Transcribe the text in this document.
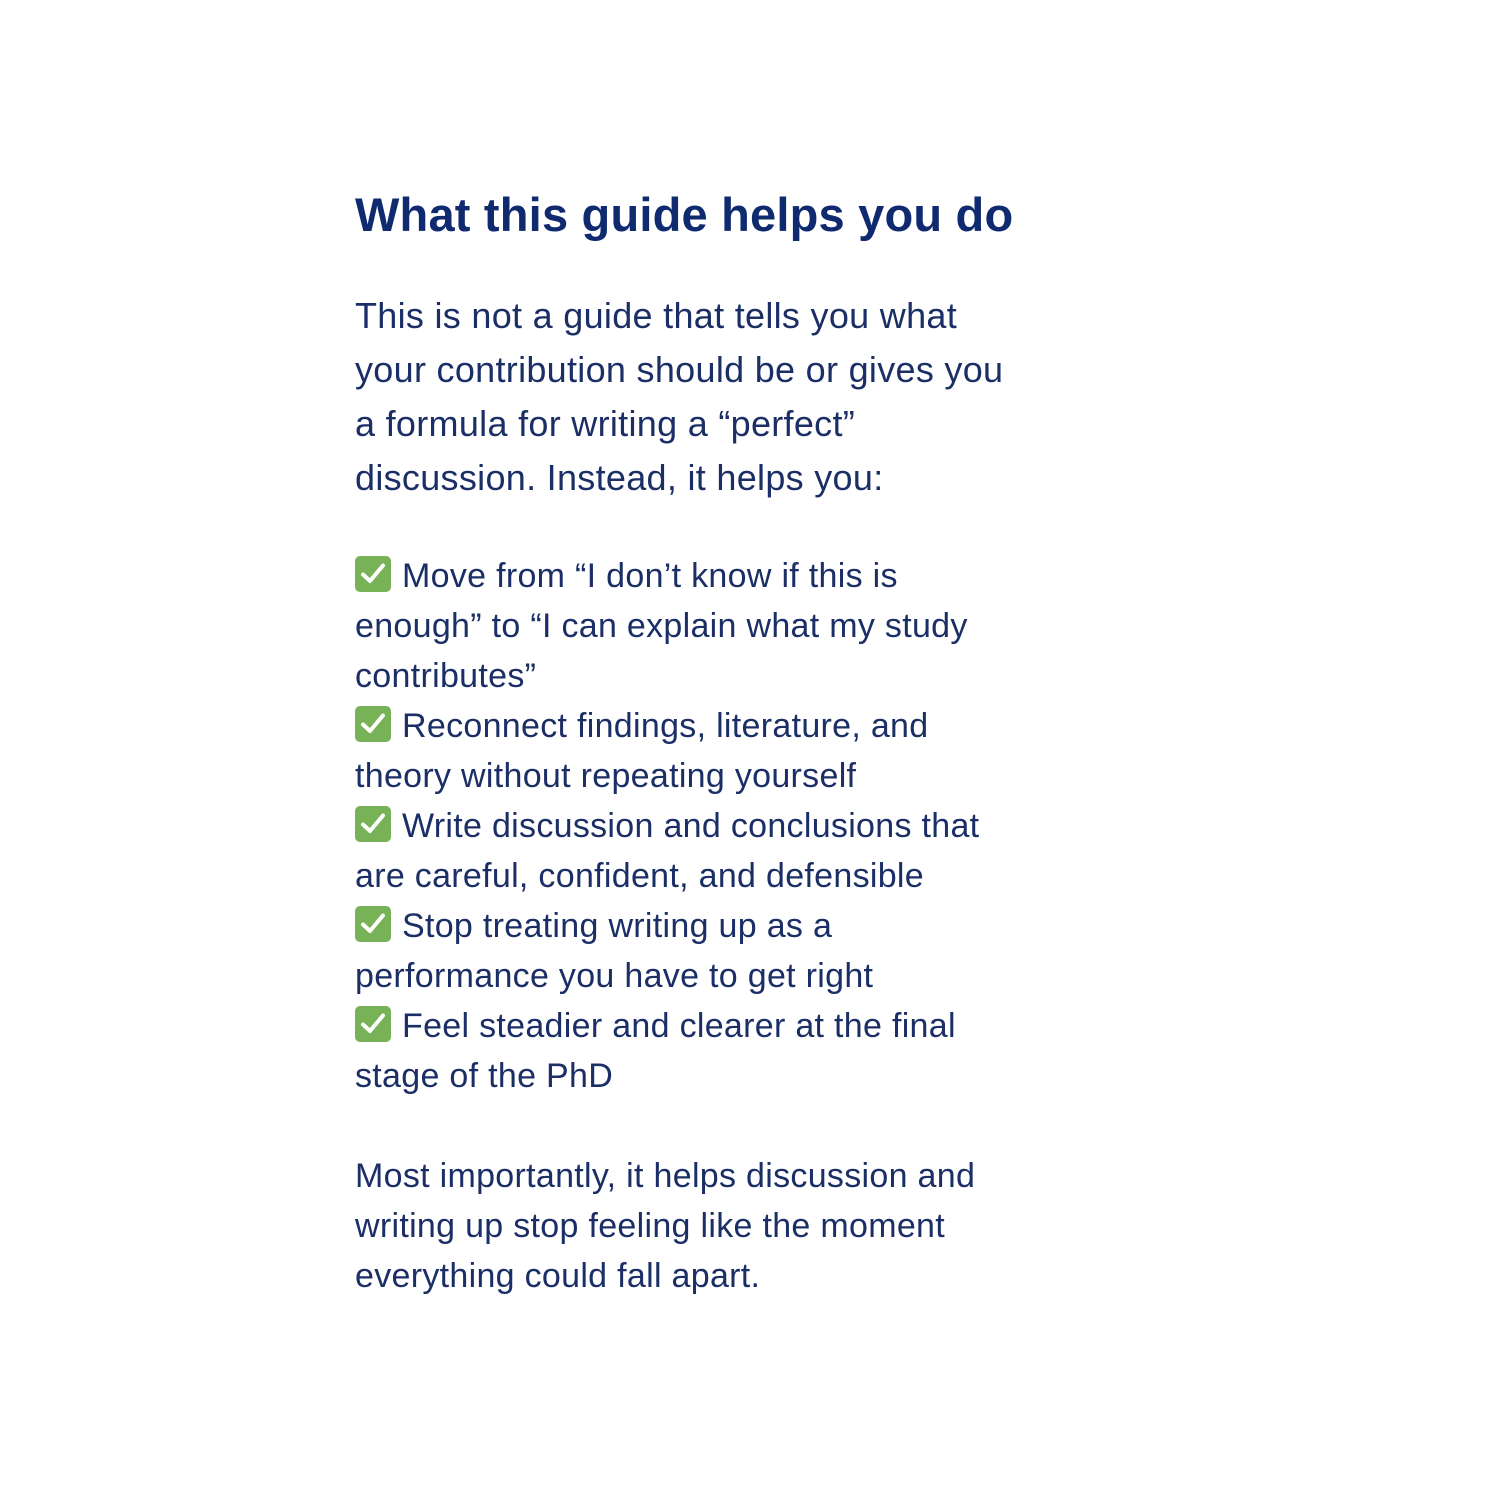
What this guide helps you do

This is not a guide that tells you what
your contribution should be or gives you
a formula for writing a “perfect”
discussion. Instead, it helps you:

Move from “I don’t know if this is
enough” to “I can explain what my study
contributes”
Reconnect findings, literature, and
theory without repeating yourself
Write discussion and conclusions that
are careful, confident, and defensible
Stop treating writing up as a
performance you have to get right
Feel steadier and clearer at the final
stage of the PhD

Most importantly, it helps discussion and
writing up stop feeling like the moment
everything could fall apart.
